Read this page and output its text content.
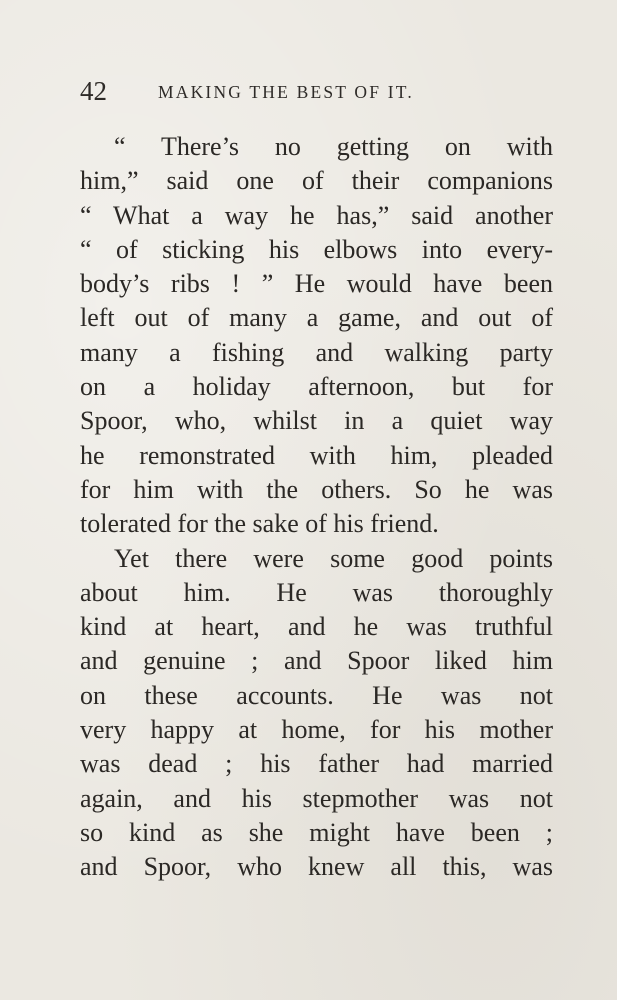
42	MAKING THE BEST OF IT.

“ There’s no getting on with
him,” said one of their companions
“ What a way he has,” said another
“ of sticking his elbows into every-
body’s ribs ! ” He would have been
left out of many a game, and out of
many a fishing and walking party
on a holiday afternoon, but for
Spoor, who, whilst in a quiet way
he remonstrated with him, pleaded
for him with the others. So he was
tolerated for the sake of his friend.

Yet there were some good points
about him. He was thoroughly
kind at heart, and he was truthful
and genuine ; and Spoor liked him
on these accounts. He was not
very happy at home, for his mother
was dead ; his father had married
again, and his stepmother was not
so kind as she might have been ;
and Spoor, who knew all this, was
